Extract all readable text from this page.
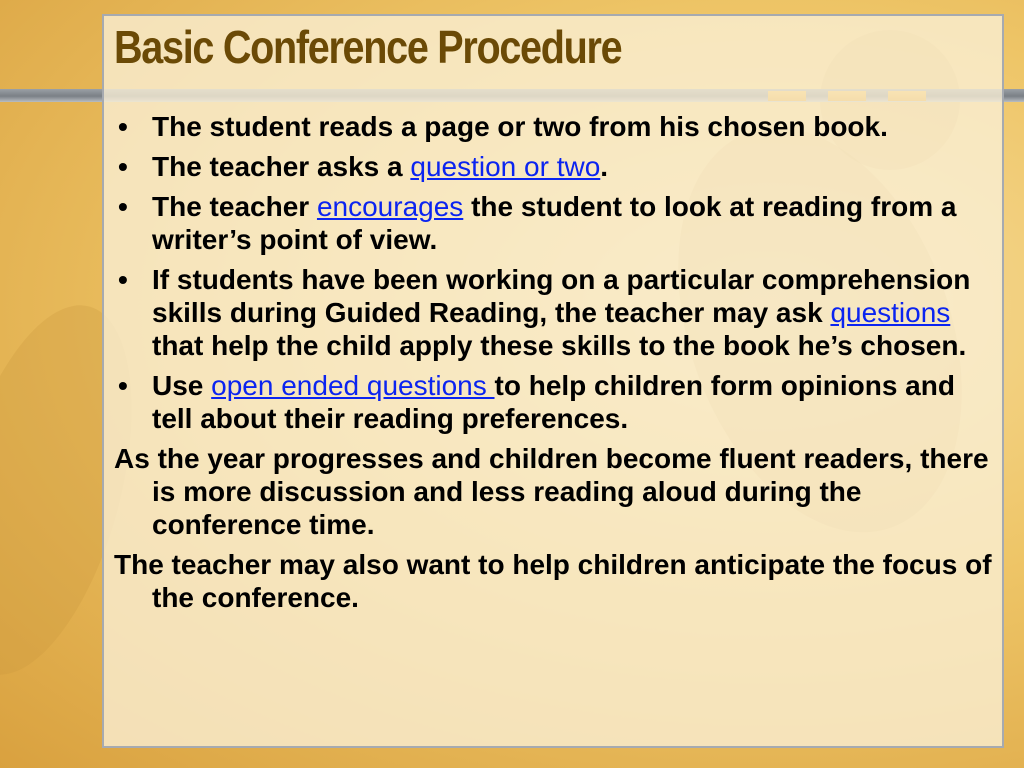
Basic Conference Procedure
• The student reads a page or two from his chosen book.
• The teacher asks a question or two.
• The teacher encourages the student to look at reading from a writer’s point of view.
• If students have been working on a particular comprehension skills during Guided Reading, the teacher may ask questions that help the child apply these skills to the book he’s chosen.
• Use open ended questions to help children form opinions and tell about their reading preferences.

As the year progresses and children become fluent readers, there is more discussion and less reading aloud during the conference time.

The teacher may also want to help children anticipate the focus of the conference.
